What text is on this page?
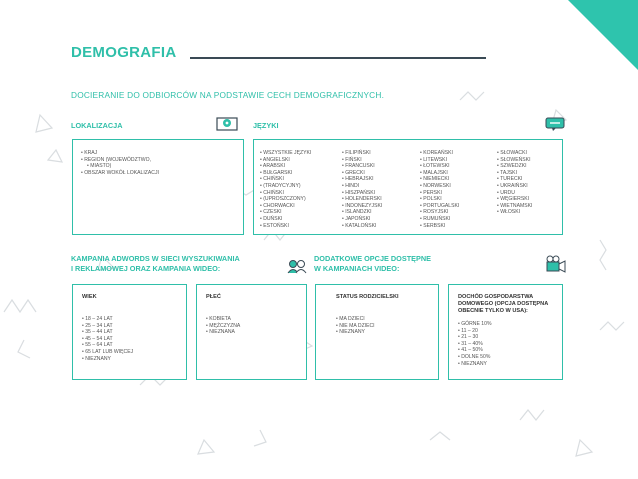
DEMOGRAFIA
DOCIERANIE DO ODBIORCÓW NA PODSTAWIE CECH DEMOGRAFICZNYCH.
LOKALIZACJA
• KRAJ
• REGION (WOJEWÓDZTWO,
• MIASTO)
• OBSZAR WOKÓŁ LOKALIZACJI
JĘZYKI
• WSZYSTKIE JĘZYKI
• ANGIELSKI
• ARABSKI
• BUŁGARSKI
• CHIŃSKI
• (TRADYCYJNY)
• CHIŃSKI
• (UPROSZCZONY)
• CHORWACKI
• CZESKI
• DUŃSKI
• ESTOŃSKI
• FILIPIŃSKI
• FIŃSKI
• FRANCUSKI
• GRECKI
• HEBRAJSKI
• HINDI
• HISZPAŃSKI
• HOLENDERSKI
• INDONEZYJSKI
• ISLANDZKI
• JAPOŃSKI
• KATALOŃSKI
• KOREAŃSKI
• LITEWSKI
• ŁOTEWSKI
• MALAJSKI
• NIEMIECKI
• NORWESKI
• PERSKI
• POLSKI
• PORTUGALSKI
• ROSYJSKI
• RUMUŃSKI
• SERBSKI
• SŁOWACKI
• SŁOWEŃSKI
• SZWEDZKI
• TAJSKI
• TURECKI
• UKRAIŃSKI
• URDU
• WĘGIERSKI
• WIETNAMSKI
• WŁOSKI
KAMPANIA ADWORDS W SIECI WYSZUKIWANIA
I REKLAMOWEJ ORAZ KAMPANIA WIDEO:
WIEK
• 18 – 24 LAT
• 25 – 34 LAT
• 35 – 44 LAT
• 45 – 54 LAT
• 55 – 64 LAT
• 65 LAT LUB WIĘCEJ
• NIEZNANY
PŁEĆ
• KOBIETA
• MĘŻCZYZNA
• NIEZNANA
DODATKOWE OPCJE DOSTĘPNE
W KAMPANIACH VIDEO:
STATUS RODZICIELSKI
• MA DZIECI
• NIE MA DZIECI
• NIEZNANY
DOCHÓD GOSPODARSTWA
DOMOWEGO (OPCJA DOSTĘPNA
OBECNIE TYLKO W USA):
• GÓRNE 10%
• 11 – 20
• 21 – 30
• 31 – 40%
• 41 – 50%
• DOLNE 50%
• NIEZNANY
